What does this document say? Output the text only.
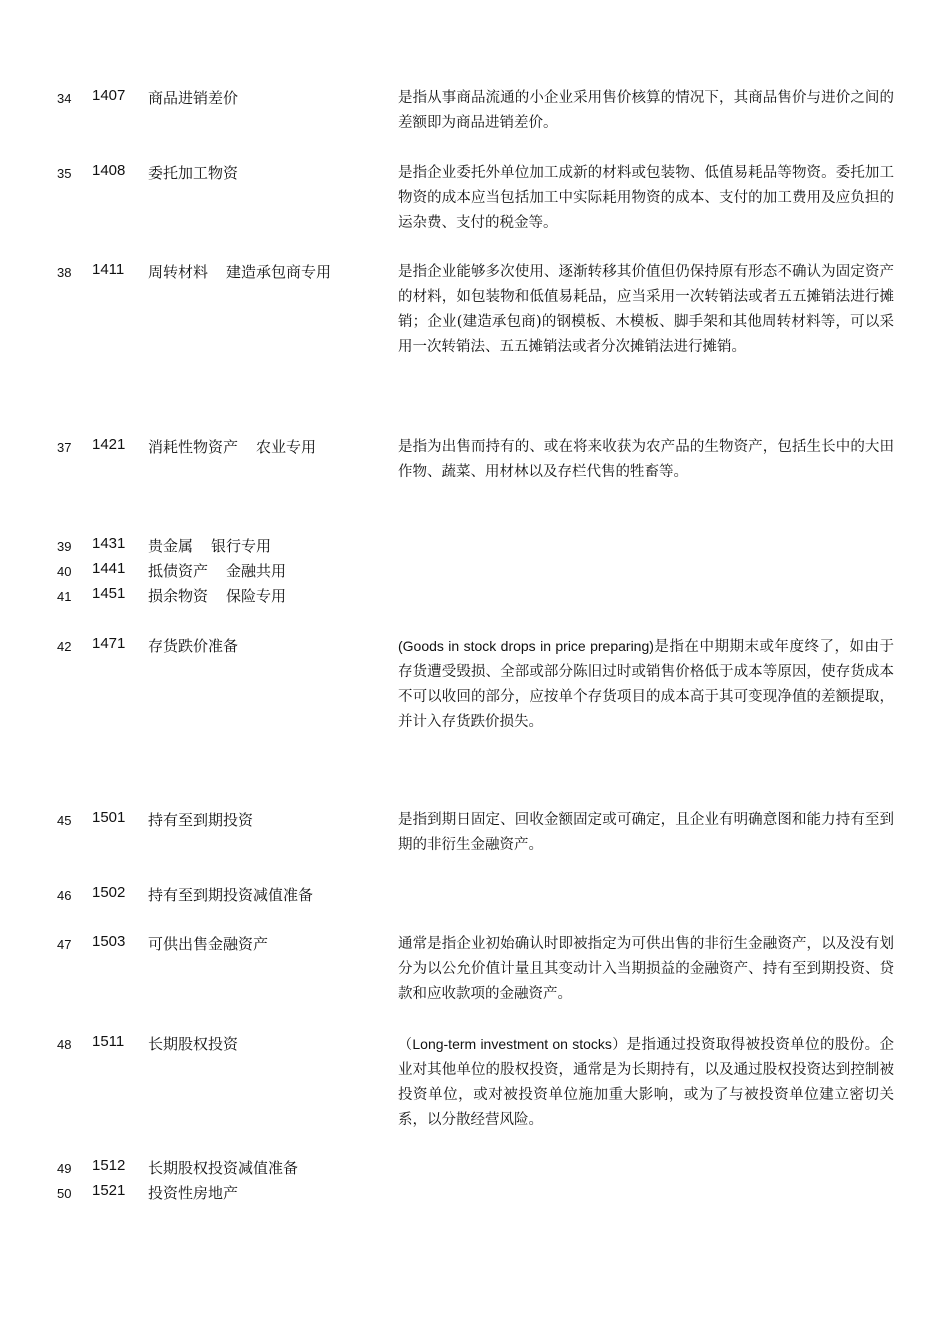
34	1407 商品进销差价	是指从事商品流通的小企业采用售价核算的情况下，其商品售价与进价之间的差额即为商品进销差价。
35	1408 委托加工物资	是指企业委托外单位加工成新的材料或包装物、低值易耗品等物资。委托加工物资的成本应当包括加工中实际耗用物资的成本、支付的加工费用及应负担的运杂费、支付的税金等。
38	1411 周转材料 建造承包商专用	是指企业能够多次使用、逐渐转移其价值但仍保持原有形态不确认为固定资产的材料，如包装物和低值易耗品，应当采用一次转销法或者五五摊销法进行摊销；企业(建造承包商)的钢模板、木模板、脚手架和其他周转材料等，可以采用一次转销法、五五摊销法或者分次摊销法进行摊销。
37	1421 消耗性物资产 农业专用	是指为出售而持有的、或在将来收获为农产品的生物资产，包括生长中的大田作物、蔬菜、用材林以及存栏代售的牲畜等。
39	1431 贵金属 银行专用
40	1441 抵债资产 金融共用
41	1451 损余物资 保险专用
42	1471 存货跌价准备	(Goods in stock drops in price preparing)是指在中期期末或年度终了，如由于存货遭受毁损、全部或部分陈旧过时或销售价格低于成本等原因，使存货成本不可以收回的部分，应按单个存货项目的成本高于其可变现净值的差额提取，并计入存货跌价损失。
45	1501 持有至到期投资	是指到期日固定、回收金额固定或可确定，且企业有明确意图和能力持有至到期的非衍生金融资产。
46	1502 持有至到期投资减值准备
47	1503 可供出售金融资产	通常是指企业初始确认时即被指定为可供出售的非衍生金融资产，以及没有划分为以公允价值计量且其变动计入当期损益的金融资产、持有至到期投资、贷款和应收款项的金融资产。
48	1511 长期股权投资	（Long-term investment on stocks）是指通过投资取得被投资单位的股份。企业对其他单位的股权投资，通常是为长期持有，以及通过股权投资达到控制被投资单位，或对被投资单位施加重大影响，或为了与被投资单位建立密切关系，以分散经营风险。
49	1512 长期股权投资减值准备
50	1521 投资性房地产
